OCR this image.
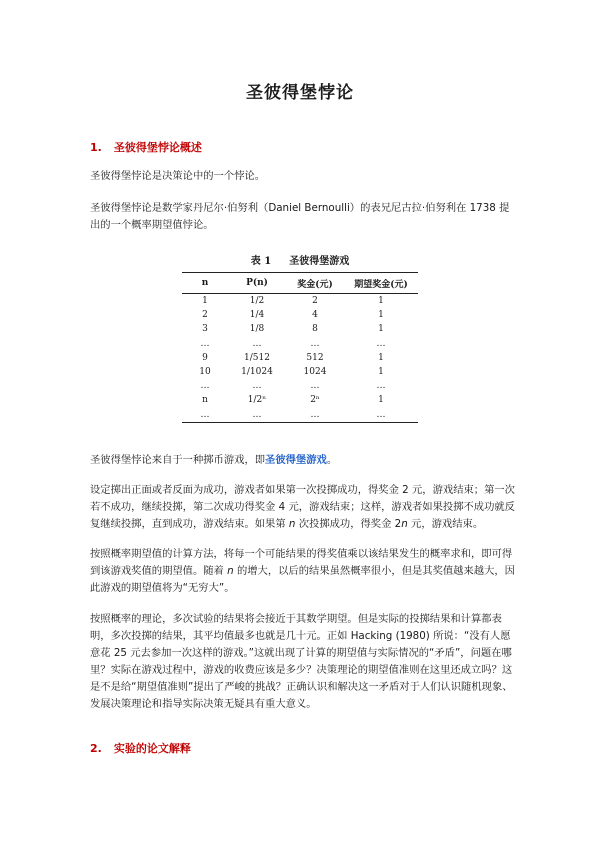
圣彼得堡悖论
1. 圣彼得堡悖论概述
圣彼得堡悖论是决策论中的一个悖论。
圣彼得堡悖论是数学家丹尼尔·伯努利（Daniel Bernoulli）的表兄尼古拉·伯努利在 1738 提出的一个概率期望值悖论。
表 1 圣彼得堡游戏
n	P(n)	奖金(元)	期望奖金(元)
1	1/2	2	1
2	1/4	4	1
3	1/8	8	1
…	…	…	…
9	1/512	512	1
10	1/1024	1024	1
…	…	…	…
n	1/2ⁿ	2ⁿ	1
…	…	…	…
圣彼得堡悖论来自于一种掷币游戏，即圣彼得堡游戏。
设定掷出正面或者反面为成功，游戏者如果第一次投掷成功，得奖金 2 元，游戏结束；第一次若不成功，继续投掷，第二次成功得奖金 4 元，游戏结束；这样，游戏者如果投掷不成功就反复继续投掷，直到成功，游戏结束。如果第 n 次投掷成功，得奖金 2n 元，游戏结束。
按照概率期望值的计算方法，将每一个可能结果的得奖值乘以该结果发生的概率求和，即可得到该游戏奖值的期望值。随着 n 的增大，以后的结果虽然概率很小，但是其奖值越来越大，因此游戏的期望值将为“无穷大”。
按照概率的理论，多次试验的结果将会接近于其数学期望。但是实际的投掷结果和计算都表明，多次投掷的结果，其平均值最多也就是几十元。正如 Hacking (1980) 所说：“没有人愿意花 25 元去参加一次这样的游戏。”这就出现了计算的期望值与实际情况的“矛盾”，问题在哪里？实际在游戏过程中，游戏的收费应该是多少？决策理论的期望值准则在这里还成立吗？这是不是给“期望值准则”提出了严峻的挑战？正确认识和解决这一矛盾对于人们认识随机现象、发展决策理论和指导实际决策无疑具有重大意义。
2. 实验的论文解释
